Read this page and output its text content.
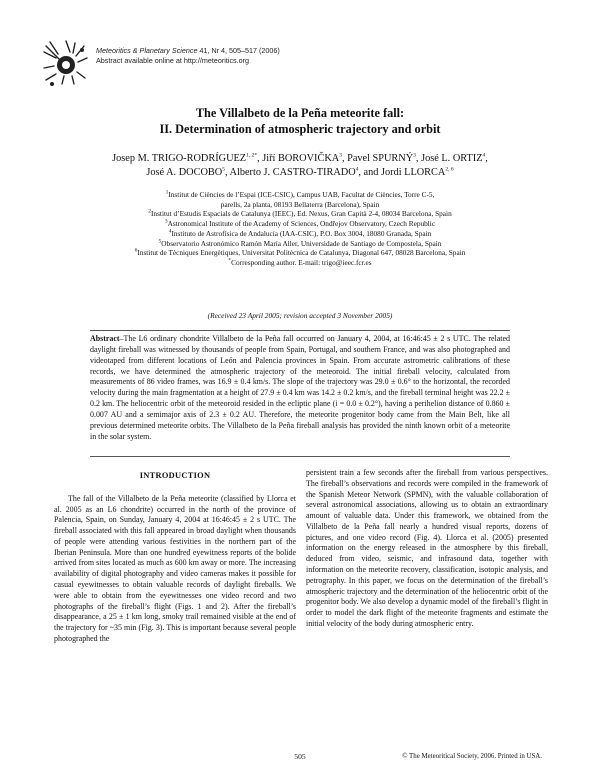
Meteoritics & Planetary Science 41, Nr 4, 505–517 (2006)
Abstract available online at http://meteoritics.org
The Villalbeto de la Peña meteorite fall:
II. Determination of atmospheric trajectory and orbit
Josep M. TRIGO-$RODRÍGUEZ^{1, 2*}$, Jiří BOROVIČKA$^3$, Pavel SPURNÝ$^3$, José L. ORTIZ$^4$,
José A. DOCOBO$^5$, Alberto J. CASTRO-TIRADO$^4$, and Jordi LLORCA$^{2, 6}$
$^1$Institut de Ciències de l’Espai (ICE-CSIC), Campus UAB, Facultat de Ciències, Torre C-5,
parells, 2a planta, 08193 Bellaterra (Barcelona), Spain
$^2$Institut d’Estudis Espacials de Catalunya (IEEC), Ed. Nexus, Gran Capità 2-4, 08034 Barcelona, Spain
$^3$Astronomical Institute of the Academy of Sciences, Ondřejov Observatory, Czech Republic
$^4$Instituto de Astrofísica de Andalucía (IAA-CSIC), P.O. Box 3004, 18080 Granada, Spain
$^5$Observatorio Astronómico Ramón María Aller, Universidade de Santiago de Compostela, Spain
$^6$Institut de Tècniques Energètiques, Universitat Politècnica de Catalunya, Diagonal 647, 08028 Barcelona, Spain
*Corresponding author. E-mail: trigo@ieec.fcr.es
(Received 23 April 2005; revision accepted 3 November 2005)
Abstract–The L6 ordinary chondrite Villalbeto de la Peña fall occurred on January 4, 2004, at 16:46:45 ± 2 s UTC. The related daylight fireball was witnessed by thousands of people from Spain, Portugal, and southern France, and was also photographed and videotaped from different locations of León and Palencia provinces in Spain. From accurate astrometric calibrations of these records, we have determined the atmospheric trajectory of the meteoroid. The initial fireball velocity, calculated from measurements of 86 video frames, was 16.9 ± 0.4 km/s. The slope of the trajectory was 29.0 ± 0.6° to the horizontal, the recorded velocity during the main fragmentation at a height of 27.9 ± 0.4 km was 14.2 ± 0.2 km/s, and the fireball terminal height was 22.2 ± 0.2 km. The heliocentric orbit of the meteoroid resided in the ecliptic plane (i = 0.0 ± 0.2°), having a perihelion distance of 0.860 ± 0.007 AU and a semimajor axis of 2.3 ± 0.2 AU. Therefore, the meteorite progenitor body came from the Main Belt, like all previous determined meteorite orbits. The Villalbeto de la Peña fireball analysis has provided the ninth known orbit of a meteorite in the solar system.
INTRODUCTION

The fall of the Villalbeto de la Peña meteorite (classified by Llorca et al. 2005 as an L6 chondrite) occurred in the north of the province of Palencia, Spain, on Sunday, January 4, 2004 at 16:46:45 ± 2 s UTC. The fireball associated with this fall appeared in broad daylight when thousands of people were attending various festivities in the northern part of the Iberian Peninsula. More than one hundred eyewitness reports of the bolide arrived from sites located as much as 600 km away or more. The increasing availability of digital photography and video cameras makes it possible for casual eyewitnesses to obtain valuable records of daylight fireballs. We were able to obtain from the eyewitnesses one video record and two photographs of the fireball’s flight (Figs. 1 and 2). After the fireball’s disappearance, a 25 ± 1 km long, smoky trail remained visible at the end of the trajectory for ~35 min (Fig. 3). This is important because several people photographed the

persistent train a few seconds after the fireball from various perspectives. The fireball’s observations and records were compiled in the framework of the Spanish Meteor Network (SPMN), with the valuable collaboration of several astronomical associations, allowing us to obtain an extraordinary amount of valuable data. Under this framework, we obtained from the Villalbeto de la Peña fall nearly a hundred visual reports, dozens of pictures, and one video record (Fig. 4). Llorca et al. (2005) presented information on the energy released in the atmosphere by this fireball, deduced from video, seismic, and infrasound data, together with information on the meteorite recovery, classification, isotopic analysis, and petrography. In this paper, we focus on the determination of the fireball’s atmospheric trajectory and the determination of the heliocentric orbit of the progenitor body. We also develop a dynamic model of the fireball’s flight in order to model the dark flight of the meteorite fragments and estimate the initial velocity of the body during atmospheric entry.

505	© The Meteoritical Society, 2006. Printed in USA.
